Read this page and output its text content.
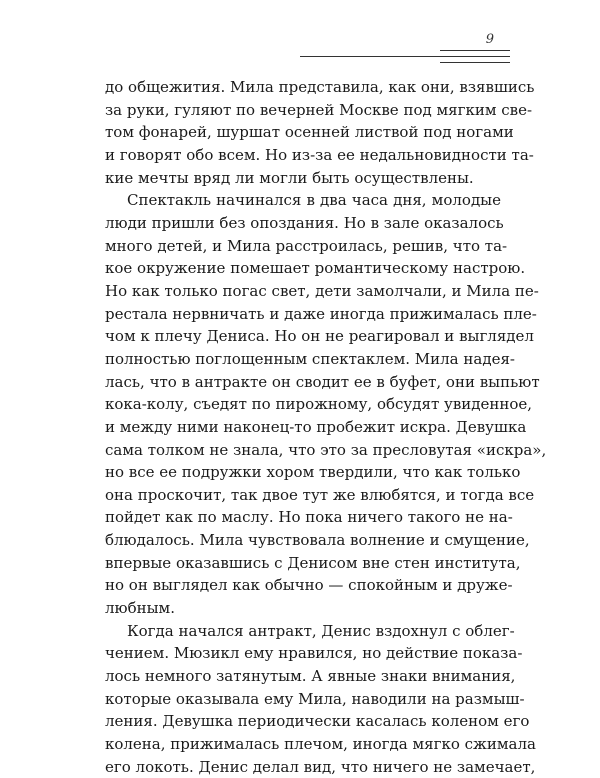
9
до общежития. Мила представила, как они, взявшись
за руки, гуляют по вечерней Москве под мягким све-
том фонарей, шуршат осенней листвой под ногами
и говорят обо всем. Но из-за ее недальновидности та-
кие мечты вряд ли могли быть осуществлены.
Спектакль начинался в два часа дня, молодые
люди пришли без опоздания. Но в зале оказалось
много детей, и Мила расстроилась, решив, что та-
кое окружение помешает романтическому настрою.
Но как только погас свет, дети замолчали, и Мила пе-
рестала нервничать и даже иногда прижималась пле-
чом к плечу Дениса. Но он не реагировал и выглядел
полностью поглощенным спектаклем. Мила надея-
лась, что в антракте он сводит ее в буфет, они выпьют
кока-колу, съедят по пирожному, обсудят увиденное,
и между ними наконец-то пробежит искра. Девушка
сама толком не знала, что это за пресловутая «искра»,
но все ее подружки хором твердили, что как только
она проскочит, так двое тут же влюбятся, и тогда все
пойдет как по маслу. Но пока ничего такого не на-
блюдалось. Мила чувствовала волнение и смущение,
впервые оказавшись с Денисом вне стен института,
но он выглядел как обычно — спокойным и друже-
любным.
Когда начался антракт, Денис вздохнул с облег-
чением. Мюзикл ему нравился, но действие показа-
лось немного затянутым. А явные знаки внимания,
которые оказывала ему Мила, наводили на размыш-
ления. Девушка периодически касалась коленом его
колена, прижималась плечом, иногда мягко сжимала
его локоть. Денис делал вид, что ничего не замечает,
